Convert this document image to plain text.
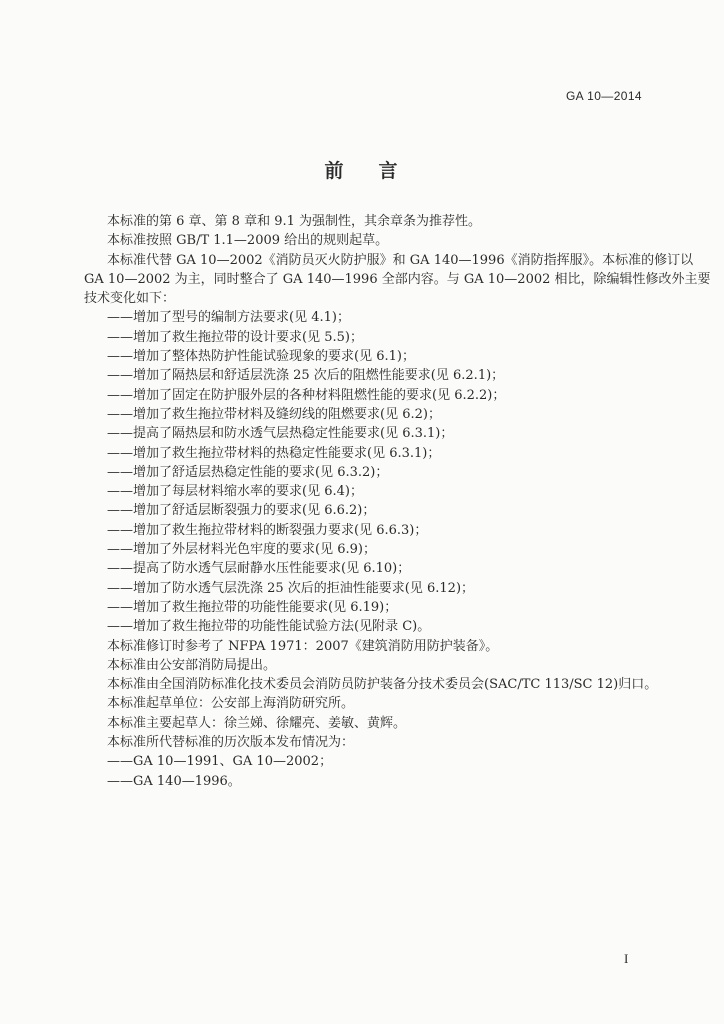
GA 10—2014
前　言
本标准的第 6 章、第 8 章和 9.1 为强制性，其余章条为推荐性。
本标准按照 GB/T 1.1—2009 给出的规则起草。
本标准代替 GA 10—2002《消防员灭火防护服》和 GA 140—1996《消防指挥服》。本标准的修订以
GA 10—2002 为主，同时整合了 GA 140—1996 全部内容。与 GA 10—2002 相比，除编辑性修改外主要
技术变化如下：
——增加了型号的编制方法要求(见 4.1)；
——增加了救生拖拉带的设计要求(见 5.5)；
——增加了整体热防护性能试验现象的要求(见 6.1)；
——增加了隔热层和舒适层洗涤 25 次后的阻燃性能要求(见 6.2.1)；
——增加了固定在防护服外层的各种材料阻燃性能的要求(见 6.2.2)；
——增加了救生拖拉带材料及缝纫线的阻燃要求(见 6.2)；
——提高了隔热层和防水透气层热稳定性能要求(见 6.3.1)；
——增加了救生拖拉带材料的热稳定性能要求(见 6.3.1)；
——增加了舒适层热稳定性能的要求(见 6.3.2)；
——增加了每层材料缩水率的要求(见 6.4)；
——增加了舒适层断裂强力的要求(见 6.6.2)；
——增加了救生拖拉带材料的断裂强力要求(见 6.6.3)；
——增加了外层材料光色牢度的要求(见 6.9)；
——提高了防水透气层耐静水压性能要求(见 6.10)；
——增加了防水透气层洗涤 25 次后的拒油性能要求(见 6.12)；
——增加了救生拖拉带的功能性能要求(见 6.19)；
——增加了救生拖拉带的功能性能试验方法(见附录 C)。
本标准修订时参考了 NFPA 1971：2007《建筑消防用防护装备》。
本标准由公安部消防局提出。
本标准由全国消防标准化技术委员会消防员防护装备分技术委员会(SAC/TC 113/SC 12)归口。
本标准起草单位：公安部上海消防研究所。
本标准主要起草人：徐兰娣、徐耀亮、姜敏、黄辉。
本标准所代替标准的历次版本发布情况为：
——GA 10—1991、GA 10—2002；
——GA 140—1996。
I
